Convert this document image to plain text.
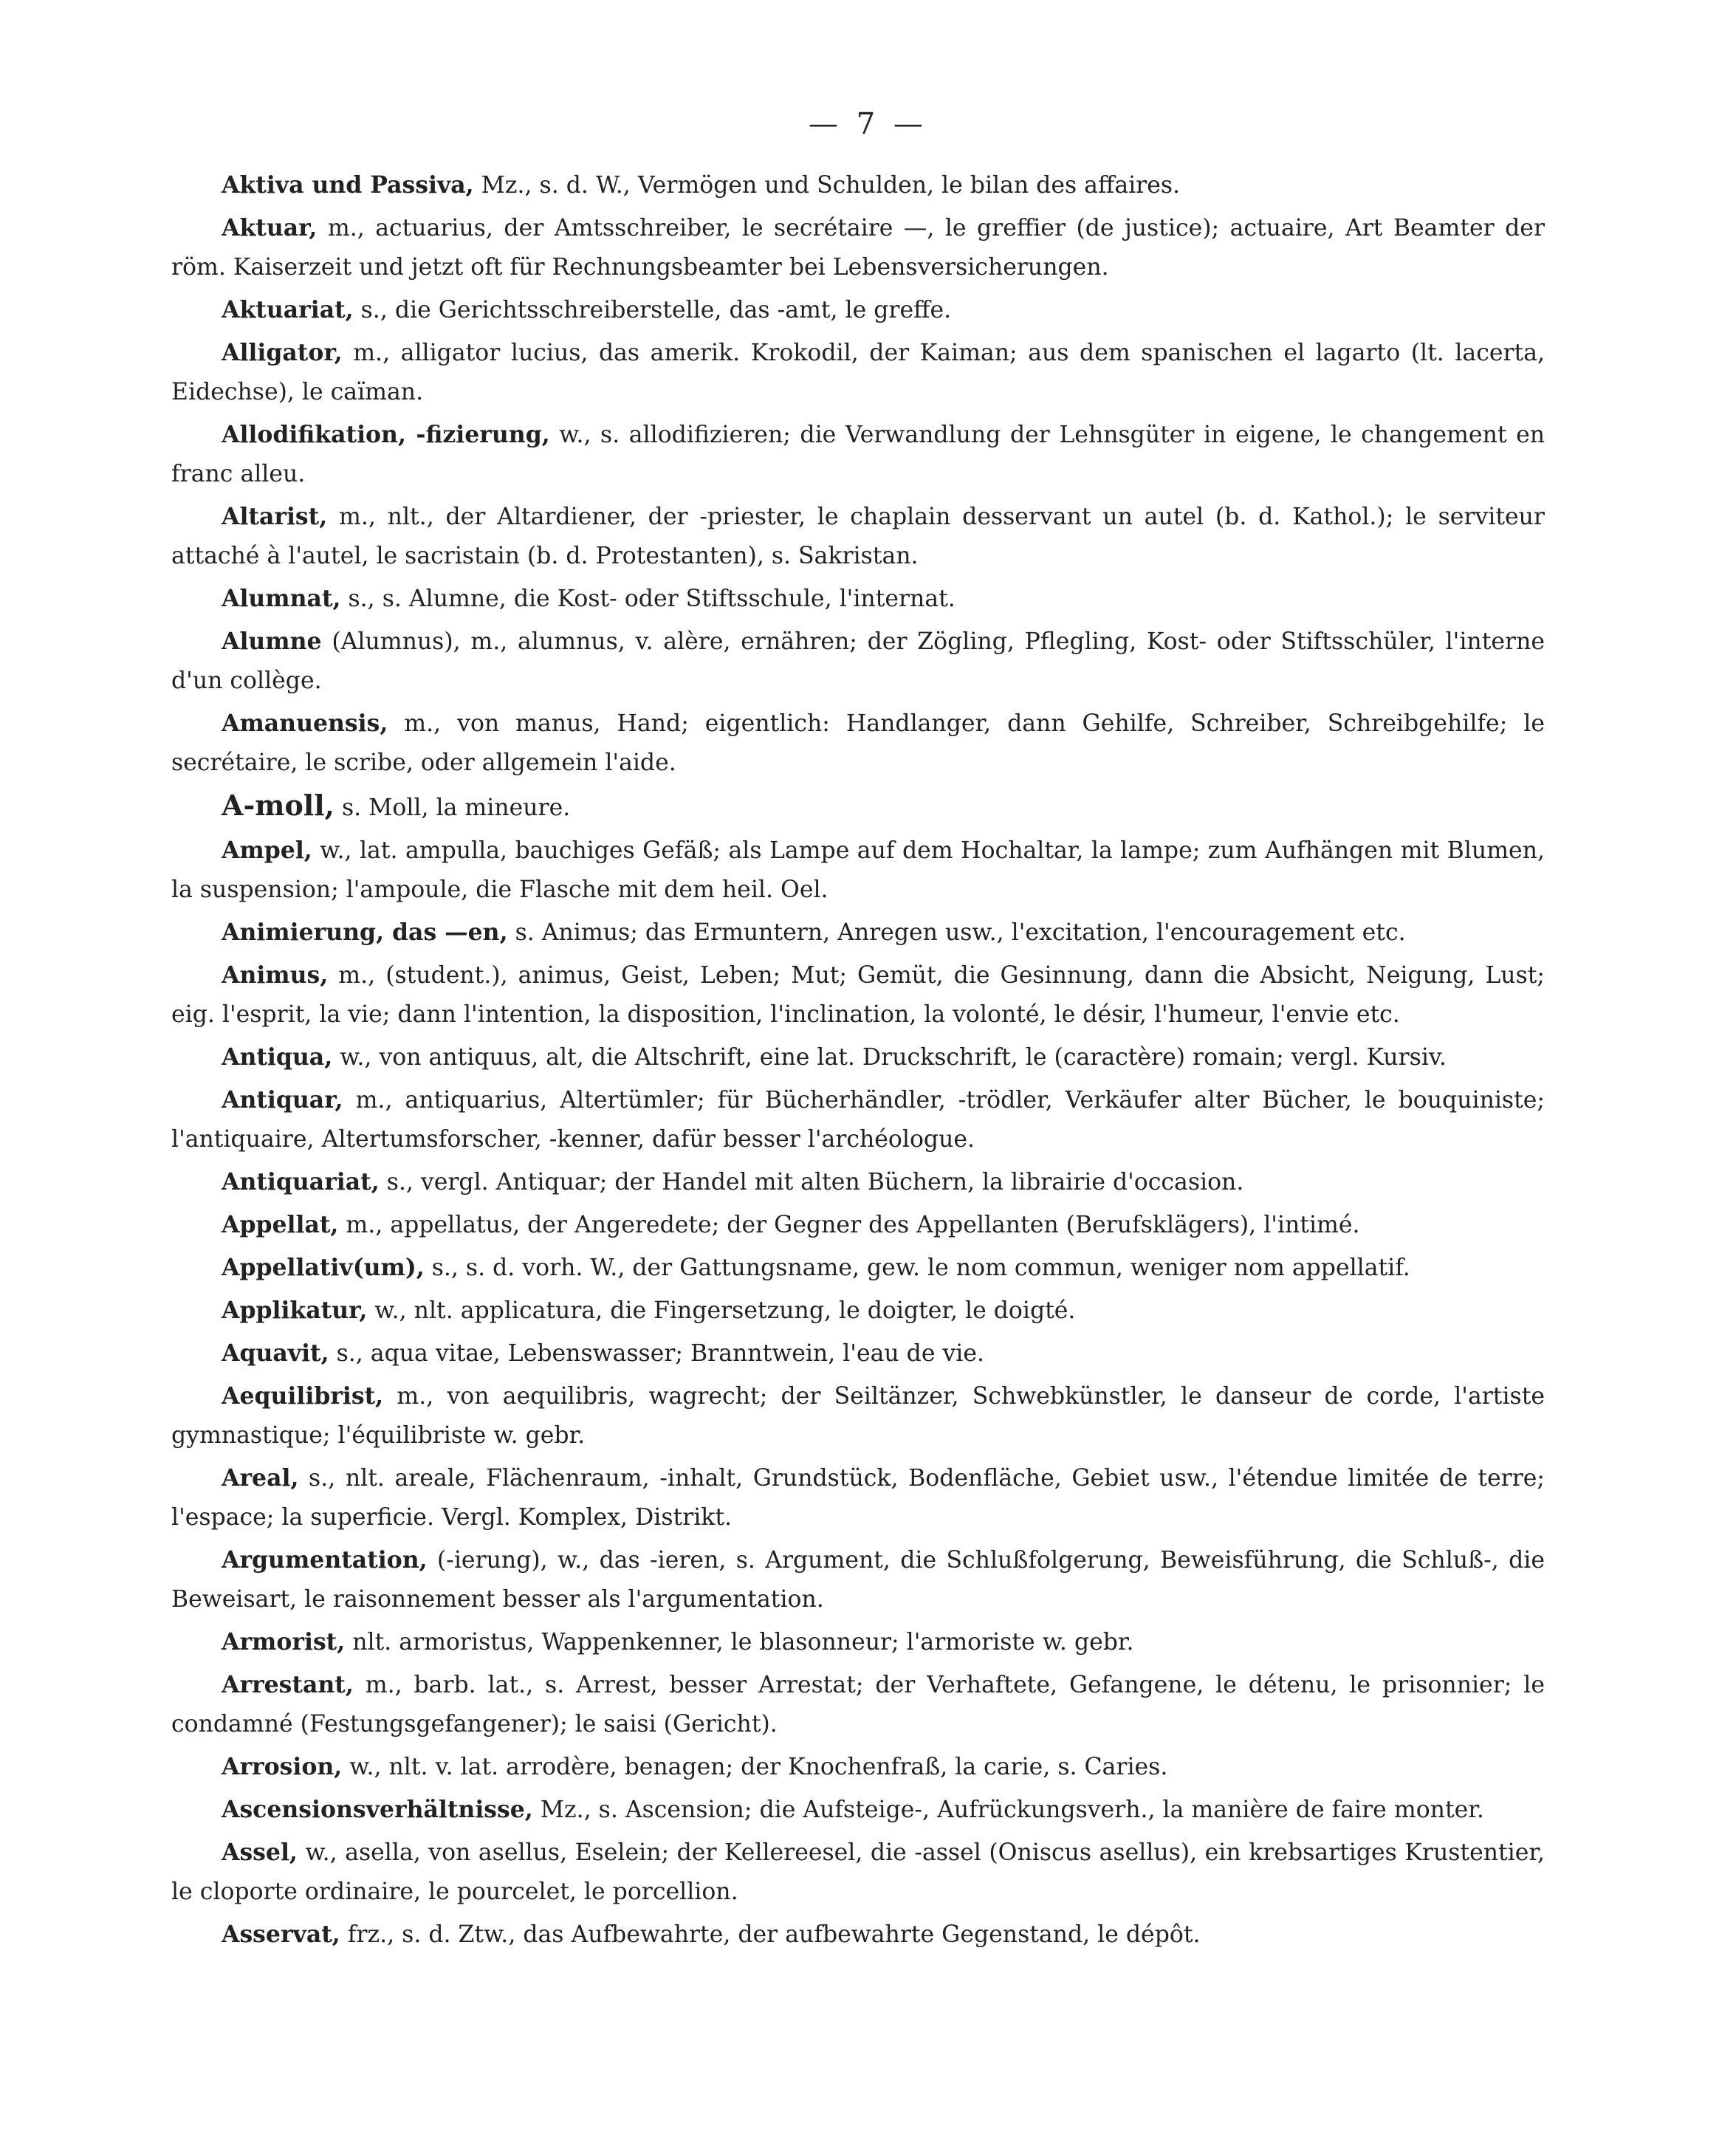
— 7 —

Aktiva und Passiva, Mz., s. d. W., Vermögen und Schulden, le bilan des affaires.

Aktuar, m., actuarius, der Amtsschreiber, le secrétaire —, le greffier (de justice); actuaire, Art Beamter der röm. Kaiserzeit und jetzt oft für Rechnungsbeamter bei Lebensversicherungen.

Aktuariat, s., die Gerichtsschreiberstelle, das -amt, le greffe.

Alligator, m., alligator lucius, das amerik. Krokodil, der Kaiman; aus dem spanischen el lagarto (lt. lacerta, Eidechse), le caïman.

Allodifikation, -fizierung, w., s. allodifizieren; die Verwandlung der Lehnsgüter in eigene, le changement en franc alleu.

Altarist, m., nlt., der Altardiener, der -priester, le chaplain desservant un autel (b. d. Kathol.); le serviteur attaché à l'autel, le sacristain (b. d. Protestanten), s. Sakristan.

Alumnat, s., s. Alumne, die Kost- oder Stiftsschule, l'internat.

Alumne (Alumnus), m., alumnus, v. alère, ernähren; der Zögling, Pflegling, Kost- oder Stiftsschüler, l'interne d'un collège.

Amanuensis, m., von manus, Hand; eigentlich: Handlanger, dann Gehilfe, Schreiber, Schreibgehilfe; le secrétaire, le scribe, oder allgemein l'aide.

A-moll, s. Moll, la mineure.

Ampel, w., lat. ampulla, bauchiges Gefäß; als Lampe auf dem Hochaltar, la lampe; zum Aufhängen mit Blumen, la suspension; l'ampoule, die Flasche mit dem heil. Oel.

Animierung, das —en, s. Animus; das Ermuntern, Anregen usw., l'excitation, l'encouragement etc.

Animus, m., (student.), animus, Geist, Leben; Mut; Gemüt, die Gesinnung, dann die Absicht, Neigung, Lust; eig. l'esprit, la vie; dann l'intention, la disposition, l'inclination, la volonté, le désir, l'humeur, l'envie etc.

Antiqua, w., von antiquus, alt, die Altschrift, eine lat. Druckschrift, le (caractère) romain; vergl. Kursiv.

Antiquar, m., antiquarius, Altertümler; für Bücherhändler, -trödler, Verkäufer alter Bücher, le bouquiniste; l'antiquaire, Altertumsforscher, -kenner, dafür besser l'archéologue.

Antiquariat, s., vergl. Antiquar; der Handel mit alten Büchern, la librairie d'occasion.

Appellat, m., appellatus, der Angeredete; der Gegner des Appellanten (Berufsklägers), l'intimé.

Appellativ(um), s., s. d. vorh. W., der Gattungsname, gew. le nom commun, weniger nom appellatif.

Applikatur, w., nlt. applicatura, die Fingersetzung, le doigter, le doigté.

Aquavit, s., aqua vitae, Lebenswasser; Branntwein, l'eau de vie.

Aequilibrist, m., von aequilibris, wagrecht; der Seiltänzer, Schwebkünstler, le danseur de corde, l'artiste gymnastique; l'équilibriste w. gebr.

Areal, s., nlt. areale, Flächenraum, -inhalt, Grundstück, Bodenfläche, Gebiet usw., l'étendue limitée de terre; l'espace; la superficie. Vergl. Komplex, Distrikt.

Argumentation, (-ierung), w., das -ieren, s. Argument, die Schlußfolgerung, Beweisführung, die Schluß-, die Beweisart, le raisonnement besser als l'argumentation.

Armorist, nlt. armoristus, Wappenkenner, le blasonneur; l'armoriste w. gebr.

Arrestant, m., barb. lat., s. Arrest, besser Arrestat; der Verhaftete, Gefangene, le détenu, le prisonnier; le condamné (Festungsgefangener); le saisi (Gericht).

Arrosion, w., nlt. v. lat. arrodère, benagen; der Knochenfraß, la carie, s. Caries.

Ascensionsverhältnisse, Mz., s. Ascension; die Aufsteige-, Aufrückungsverh., la manière de faire monter.

Assel, w., asella, von asellus, Eselein; der Kellereesel, die -assel (Oniscus asellus), ein krebsartiges Krustentier, le cloporte ordinaire, le pourcelet, le porcellion.

Asservat, frz., s. d. Ztw., das Aufbewahrte, der aufbewahrte Gegenstand, le dépôt.
